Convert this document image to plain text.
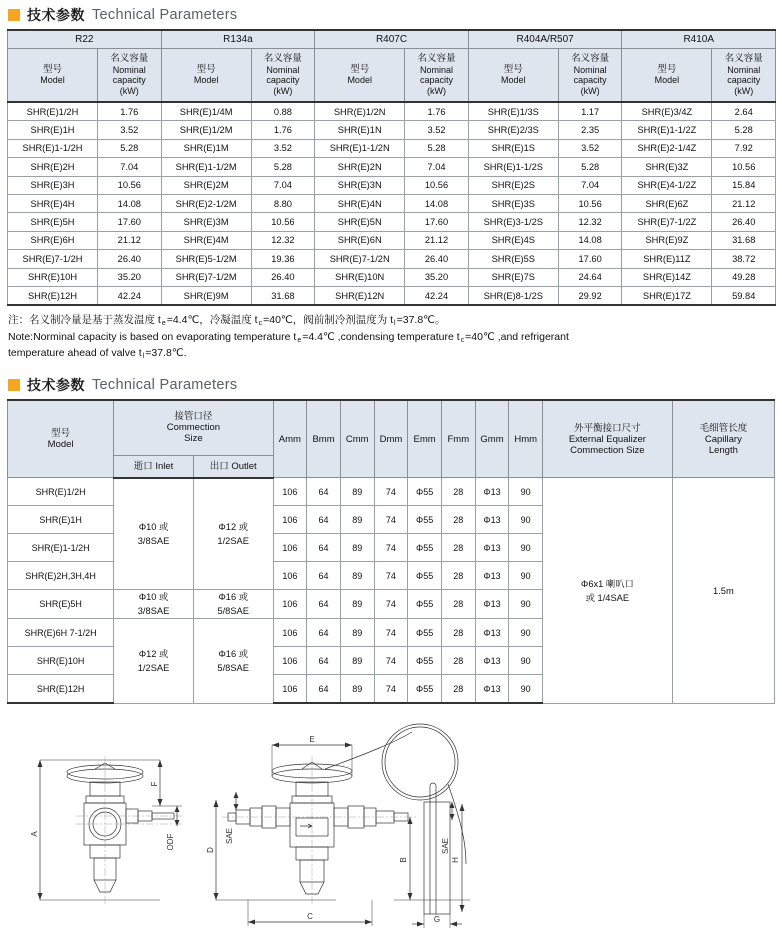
技术参数 Technical Parameters
R22		R134a		R407C		R404A/R507		R410A	

型号
Model	名义容量
Nominal
capacity
(kW)	型号
Model	名义容量
Nominal
capacity
(kW)	型号
Model	名义容量
Nominal
capacity
(kW)	型号
Model	名义容量
Nominal
capacity
(kW)	型号
Model	名义容量
Nominal
capacity
(kW)
SHR(E)1/2H	1.76	SHR(E)1/4M	0.88	SHR(E)1/2N	1.76	SHR(E)1/3S	1.17	SHR(E)3/4Z	2.64
SHR(E)1H	3.52	SHR(E)1/2M	1.76	SHR(E)1N	3.52	SHR(E)2/3S	2.35	SHR(E)1-1/2Z	5.28
SHR(E)1-1/2H	5.28	SHR(E)1M	3.52	SHR(E)1-1/2N	5.28	SHR(E)1S	3.52	SHR(E)2-1/4Z	7.92
SHR(E)2H	7.04	SHR(E)1-1/2M	5.28	SHR(E)2N	7.04	SHR(E)1-1/2S	5.28	SHR(E)3Z	10.56
SHR(E)3H	10.56	SHR(E)2M	7.04	SHR(E)3N	10.56	SHR(E)2S	7.04	SHR(E)4-1/2Z	15.84
SHR(E)4H	14.08	SHR(E)2-1/2M	8.80	SHR(E)4N	14.08	SHR(E)3S	10.56	SHR(E)6Z	21.12
SHR(E)5H	17.60	SHR(E)3M	10.56	SHR(E)5N	17.60	SHR(E)3-1/2S	12.32	SHR(E)7-1/2Z	26.40
SHR(E)6H	21.12	SHR(E)4M	12.32	SHR(E)6N	21.12	SHR(E)4S	14.08	SHR(E)9Z	31.68
SHR(E)7-1/2H	26.40	SHR(E)5-1/2M	19.36	SHR(E)7-1/2N	26.40	SHR(E)5S	17.60	SHR(E)11Z	38.72
SHR(E)10H	35.20	SHR(E)7-1/2M	26.40	SHR(E)10N	35.20	SHR(E)7S	24.64	SHR(E)14Z	49.28
SHR(E)12H	42.24	SHR(E)9M	31.68	SHR(E)12N	42.24	SHR(E)8-1/2S	29.92	SHR(E)17Z	59.84
注：名义制冷量是基于蒸发温度 $t_e=4.4℃$，冷凝温度 $t_c=40℃$，阀前制冷剂温度为 $t_l=37.8℃$。
Note:Norminal capacity is based on evaporating temperature $t_e=4.4℃$ ,condensing temperature $t_c=40℃$ ,and refrigerant
temperature ahead of valve $t_l=37.8℃$.
技术参数 Technical Parameters
型号
Model	接管口径
Commection
Size		Amm	Bmm	Cmm	Dmm	Emm	Fmm	Gmm	Hmm	外平衡接口尺寸
External Equalizer
Commection Size	毛细管长度
Capillary
Length
	逝口 Inlet	出口 Outlet										
SHR(E)1/2H	Φ10 或
3/8SAE	Φ12 或
1/2SAE	106	64	89	74	Φ55	28	Φ13	90	Φ6x1 喇叭口
或 1/4SAE	1.5m
SHR(E)1H			106	64	89	74	Φ55	28	Φ13	90		
SHR(E)1-1/2H			106	64	89	74	Φ55	28	Φ13	90		
SHR(E)2H,3H,4H			106	64	89	74	Φ55	28	Φ13	90		
SHR(E)5H	Φ10 或
3/8SAE	Φ16 或
5/8SAE	106	64	89	74	Φ55	28	Φ13	90		
SHR(E)6H 7-1/2H	Φ12 或
1/2SAE	Φ16 或
5/8SAE	106	64	89	74	Φ55	28	Φ13	90		
SHR(E)10H			106	64	89	74	Φ55	28	Φ13	90		
SHR(E)12H			106	64	89	74	Φ55	28	Φ13	90		
A
F
ODF
E
D
SAE
C
SAE
B	H
G
